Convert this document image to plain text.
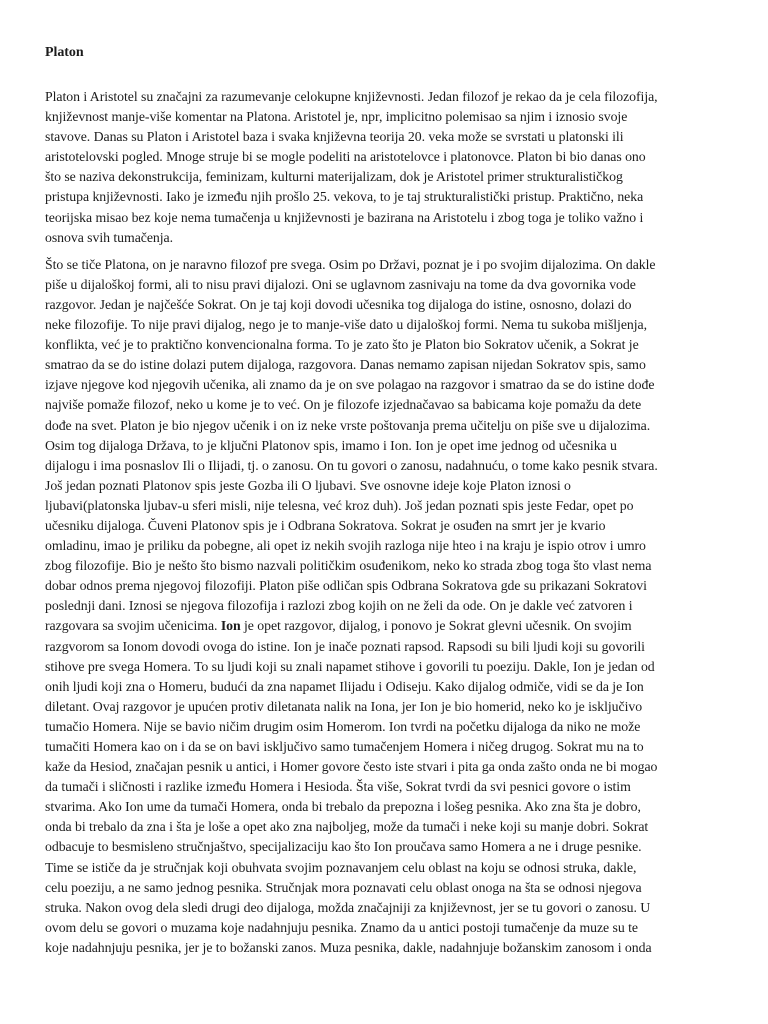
Platon
Platon i Aristotel su značajni za razumevanje celokupne književnosti. Jedan filozof je rekao da je cela filozofija,
književnost manje-više komentar na Platona. Aristotel je, npr, implicitno polemisao sa njim i iznosio svoje
stavove. Danas su Platon i Aristotel baza i svaka književna teorija 20. veka može se svrstati u platonski ili
aristotelovski pogled. Mnoge struje bi se mogle podeliti na aristotelovce i platonovce. Platon bi bio danas ono
što se naziva dekonstrukcija, feminizam, kulturni materijalizam, dok je Aristotel primer strukturalističkog
pristupa književnosti. Iako je između njih prošlo 25. vekova, to je taj strukturalistički pristup. Praktično, neka
teorijska misao bez koje nema tumačenja u književnosti je bazirana na Aristotelu i zbog toga je toliko važno i
osnova svih tumačenja.
Što se tiče Platona, on je naravno filozof pre svega. Osim po Državi, poznat je i po svojim dijalozima. On dakle
piše u dijaloškoj formi, ali to nisu pravi dijalozi. Oni se uglavnom zasnivaju na tome da dva govornika vode
razgovor. Jedan je najčešće Sokrat. On je taj koji dovodi učesnika tog dijaloga do istine, osnosno, dolazi do
neke filozofije. To nije pravi dijalog, nego je to manje-više dato u dijaloškoj formi. Nema tu sukoba mišljenja,
konflikta, već je to praktično konvencionalna forma. To je zato što je Platon bio Sokratov učenik, a Sokrat je
smatrao da se do istine dolazi putem dijaloga, razgovora. Danas nemamo zapisan nijedan Sokratov spis, samo
izjave njegove kod njegovih učenika, ali znamo da je on sve polagao na razgovor i smatrao da se do istine dođe
najviše pomaže filozof, neko u kome je to već. On je filozofe izjednačavao sa babicama koje pomažu da dete
dođe na svet. Platon je bio njegov učenik i on iz neke vrste poštovanja prema učitelju on piše sve u dijalozima.
Osim tog dijaloga Država, to je ključni Platonov spis, imamo i Ion. Ion je opet ime jednog od učesnika u
dijalogu i ima posnaslov Ili o Ilijadi, tj. o zanosu. On tu govori o zanosu, nadahnuću, o tome kako pesnik stvara.
Još jedan poznati Platonov spis jeste Gozba ili O ljubavi. Sve osnovne ideje koje Platon iznosi o
ljubavi(platonska ljubav-u sferi misli, nije telesna, već kroz duh). Još jedan poznati spis jeste Fedar, opet po
učesniku dijaloga. Čuveni Platonov spis je i Odbrana Sokratova. Sokrat je osuđen na smrt jer je kvario
omladinu, imao je priliku da pobegne, ali opet iz nekih svojih razloga nije hteo i na kraju je ispio otrov i umro
zbog filozofije. Bio je nešto što bismo nazvali političkim osuđenikom, neko ko strada zbog toga što vlast nema
dobar odnos prema njegovoj filozofiji. Platon piše odličan spis Odbrana Sokratova gde su prikazani Sokratovi
poslednji dani. Iznosi se njegova filozofija i razlozi zbog kojih on ne želi da ode. On je dakle već zatvoren i
razgovara sa svojim učenicima. Ion je opet razgovor, dijalog, i ponovo je Sokrat glevni učesnik. On svojim
razgvorom sa Ionom dovodi ovoga do istine. Ion je inače poznati rapsod. Rapsodi su bili ljudi koji su govorili
stihove pre svega Homera. To su ljudi koji su znali napamet stihove i govorili tu poeziju. Dakle, Ion je jedan od
onih ljudi koji zna o Homeru, budući da zna napamet Ilijadu i Odiseju. Kako dijalog odmiče, vidi se da je Ion
diletant. Ovaj razgovor je upućen protiv diletanata nalik na Iona, jer Ion je bio homerid, neko ko je isključivo
tumačio Homera. Nije se bavio ničim drugim osim Homerom. Ion tvrdi na početku dijaloga da niko ne može
tumačiti Homera kao on i da se on bavi isključivo samo tumačenjem Homera i ničeg drugog. Sokrat mu na to
kaže da Hesiod, značajan pesnik u antici, i Homer govore često iste stvari i pita ga onda zašto onda ne bi mogao
da tumači i sličnosti i razlike između Homera i Hesioda. Šta više, Sokrat tvrdi da svi pesnici govore o istim
stvarima. Ako Ion ume da tumači Homera, onda bi trebalo da prepozna i lošeg pesnika. Ako zna šta je dobro,
onda bi trebalo da zna i šta je loše a opet ako zna najboljeg, može da tumači i neke koji su manje dobri. Sokrat
odbacuje to besmisleno stručnjaštvo, specijalizaciju kao što Ion proučava samo Homera a ne i druge pesnike.
Time se ističe da je stručnjak koji obuhvata svojim poznavanjem celu oblast na koju se odnosi struka, dakle,
celu poeziju, a ne samo jednog pesnika. Stručnjak mora poznavati celu oblast onoga na šta se odnosi njegova
struka. Nakon ovog dela sledi drugi deo dijaloga, možda značajniji za književnost, jer se tu govori o zanosu. U
ovom delu se govori o muzama koje nadahnjuju pesnika. Znamo da u antici postoji tumačenje da muze su te
koje nadahnjuju pesnika, jer je to božanski zanos. Muza pesnika, dakle, nadahnjuje božanskim zanosom i onda
